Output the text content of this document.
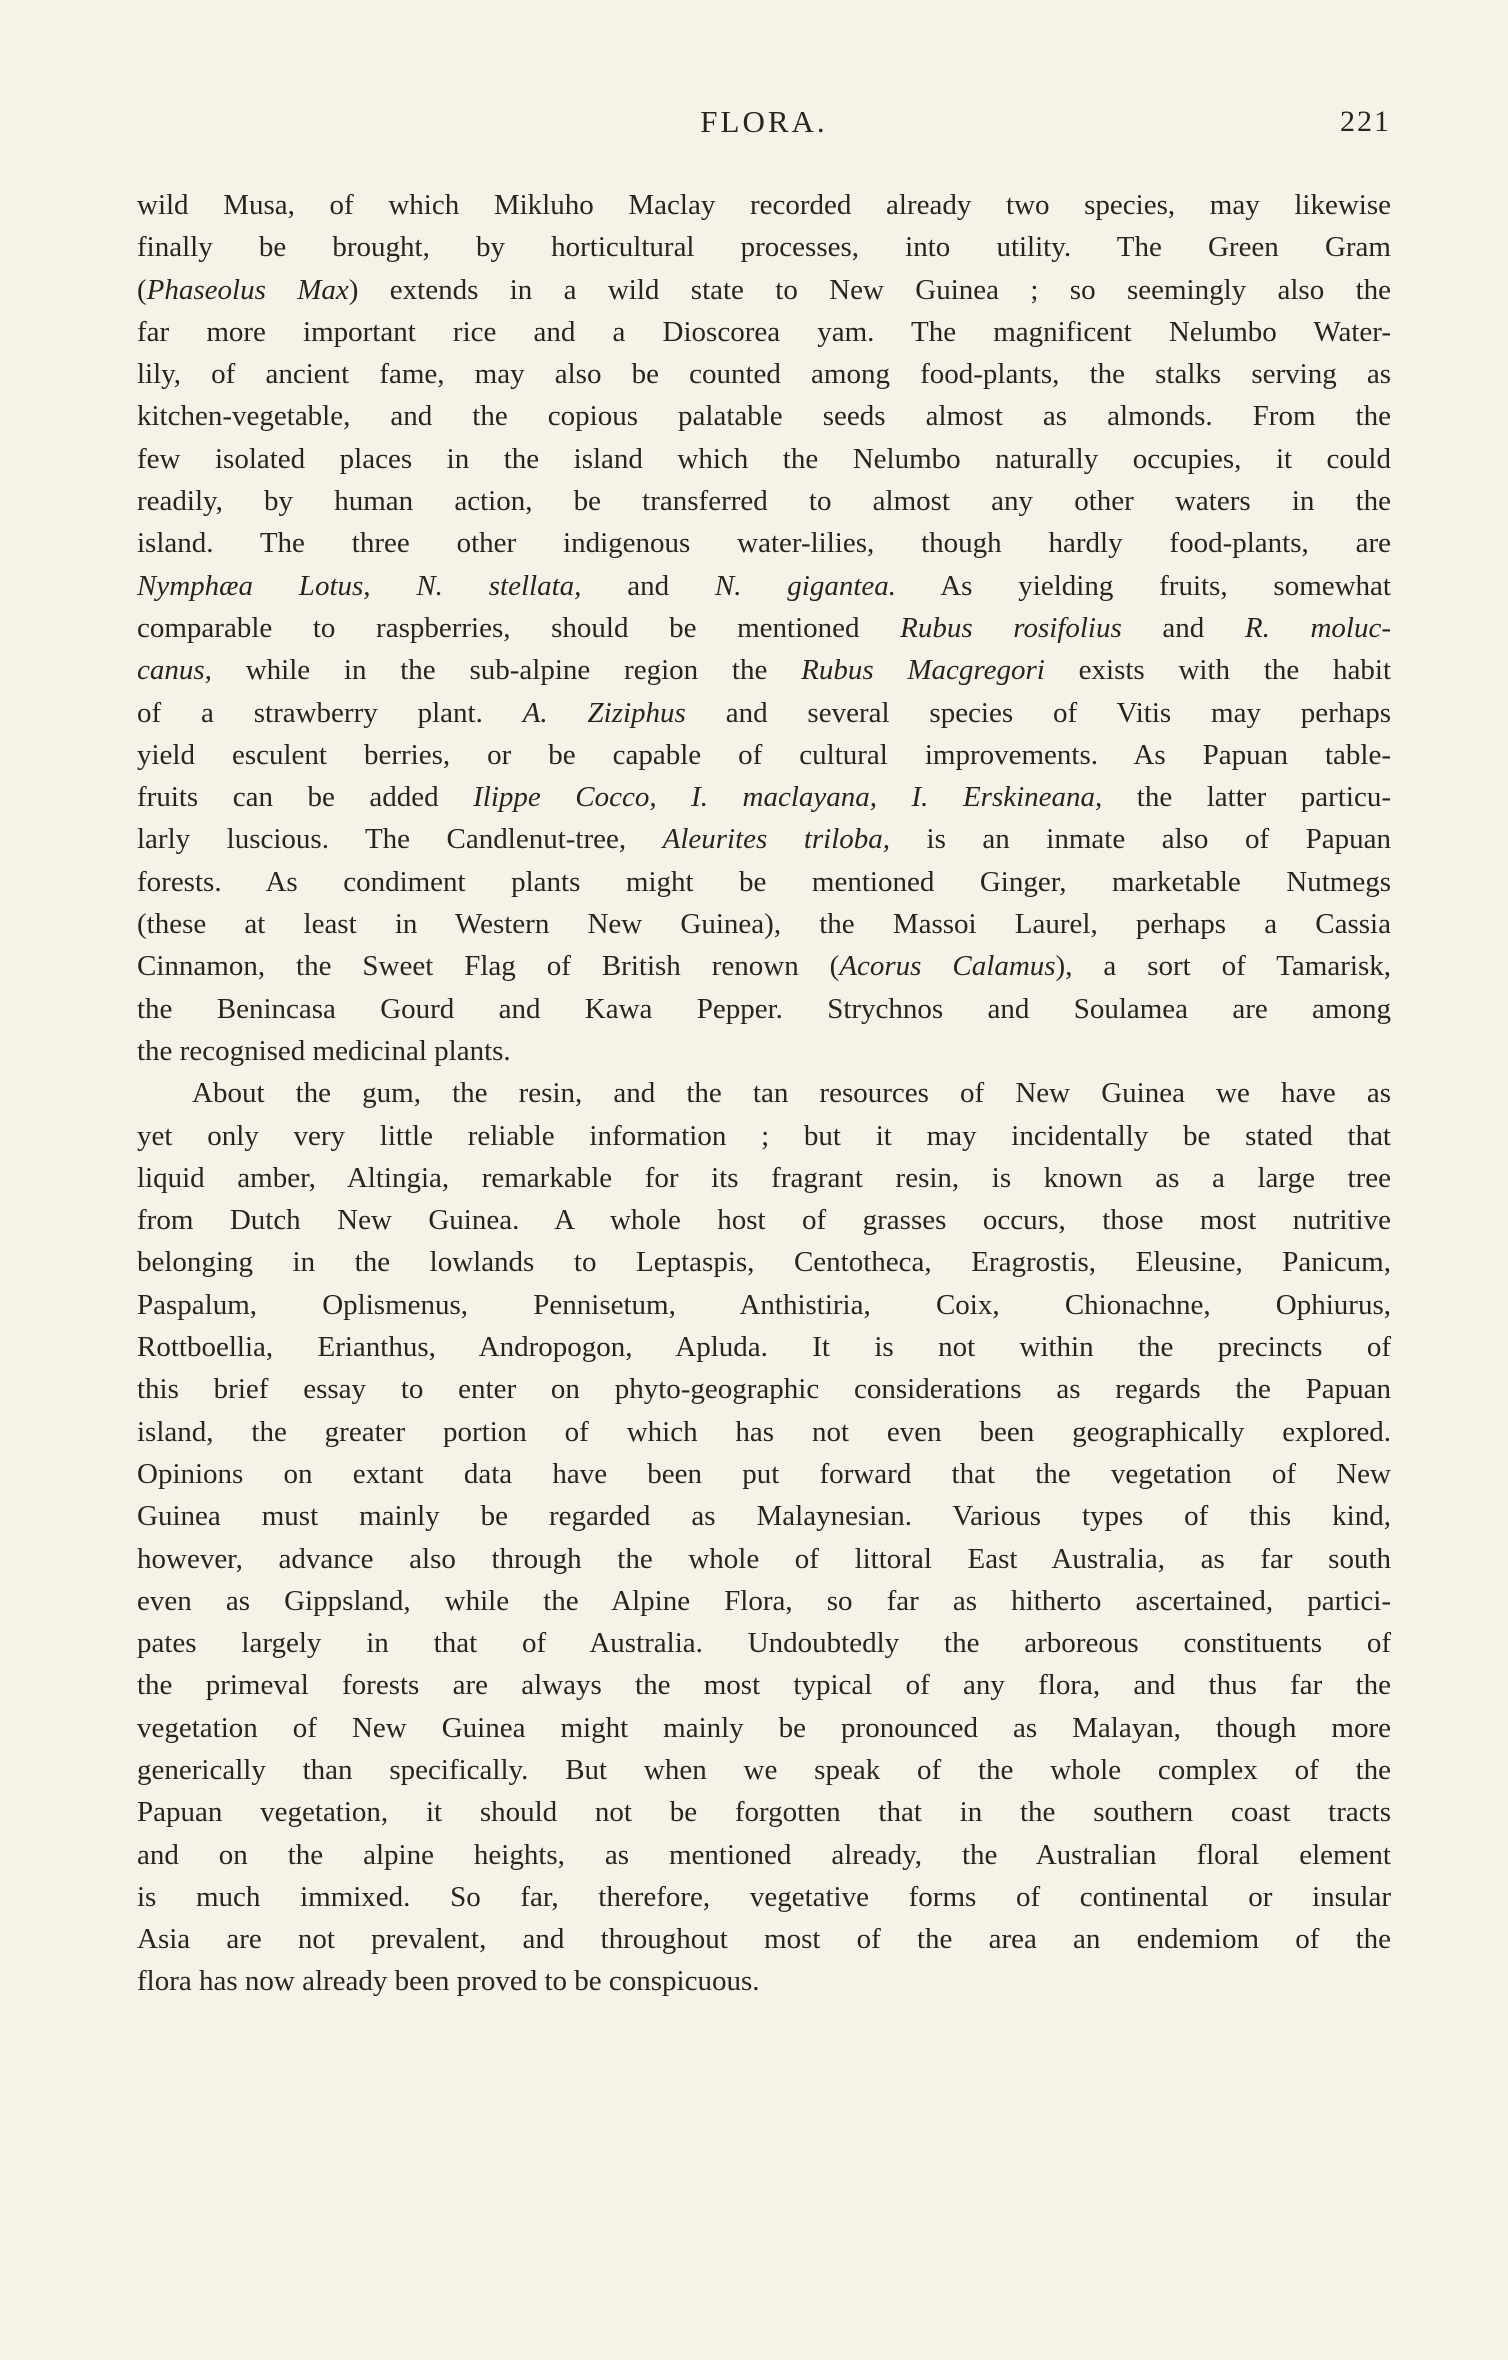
FLORA.	221
wild Musa, of which Mikluho Maclay recorded already two species, may likewise
finally be brought, by horticultural processes, into utility. The Green Gram
(Phaseolus Max) extends in a wild state to New Guinea ; so seemingly also the
far more important rice and a Dioscorea yam. The magnificent Nelumbo Water-
lily, of ancient fame, may also be counted among food-plants, the stalks serving as
kitchen-vegetable, and the copious palatable seeds almost as almonds. From the
few isolated places in the island which the Nelumbo naturally occupies, it could
readily, by human action, be transferred to almost any other waters in the
island. The three other indigenous water-lilies, though hardly food-plants, are
Nymphæa Lotus, N. stellata, and N. gigantea. As yielding fruits, somewhat
comparable to raspberries, should be mentioned Rubus rosifolius and R. moluc-
canus, while in the sub-alpine region the Rubus Macgregori exists with the habit
of a strawberry plant. A. Ziziphus and several species of Vitis may perhaps
yield esculent berries, or be capable of cultural improvements. As Papuan table-
fruits can be added Ilippe Cocco, I. maclayana, I. Erskineana, the latter particu-
larly luscious. The Candlenut-tree, Aleurites triloba, is an inmate also of Papuan
forests. As condiment plants might be mentioned Ginger, marketable Nutmegs
(these at least in Western New Guinea), the Massoi Laurel, perhaps a Cassia
Cinnamon, the Sweet Flag of British renown (Acorus Calamus), a sort of Tamarisk,
the Benincasa Gourd and Kawa Pepper. Strychnos and Soulamea are among
the recognised medicinal plants.
About the gum, the resin, and the tan resources of New Guinea we have as
yet only very little reliable information ; but it may incidentally be stated that
liquid amber, Altingia, remarkable for its fragrant resin, is known as a large tree
from Dutch New Guinea. A whole host of grasses occurs, those most nutritive
belonging in the lowlands to Leptaspis, Centotheca, Eragrostis, Eleusine, Panicum,
Paspalum, Oplismenus, Pennisetum, Anthistiria, Coix, Chionachne, Ophiurus,
Rottboellia, Erianthus, Andropogon, Apluda. It is not within the precincts of
this brief essay to enter on phyto-geographic considerations as regards the Papuan
island, the greater portion of which has not even been geographically explored.
Opinions on extant data have been put forward that the vegetation of New
Guinea must mainly be regarded as Malaynesian. Various types of this kind,
however, advance also through the whole of littoral East Australia, as far south
even as Gippsland, while the Alpine Flora, so far as hitherto ascertained, partici-
pates largely in that of Australia. Undoubtedly the arboreous constituents of
the primeval forests are always the most typical of any flora, and thus far the
vegetation of New Guinea might mainly be pronounced as Malayan, though more
generically than specifically. But when we speak of the whole complex of the
Papuan vegetation, it should not be forgotten that in the southern coast tracts
and on the alpine heights, as mentioned already, the Australian floral element
is much immixed. So far, therefore, vegetative forms of continental or insular
Asia are not prevalent, and throughout most of the area an endemiom of the
flora has now already been proved to be conspicuous.
